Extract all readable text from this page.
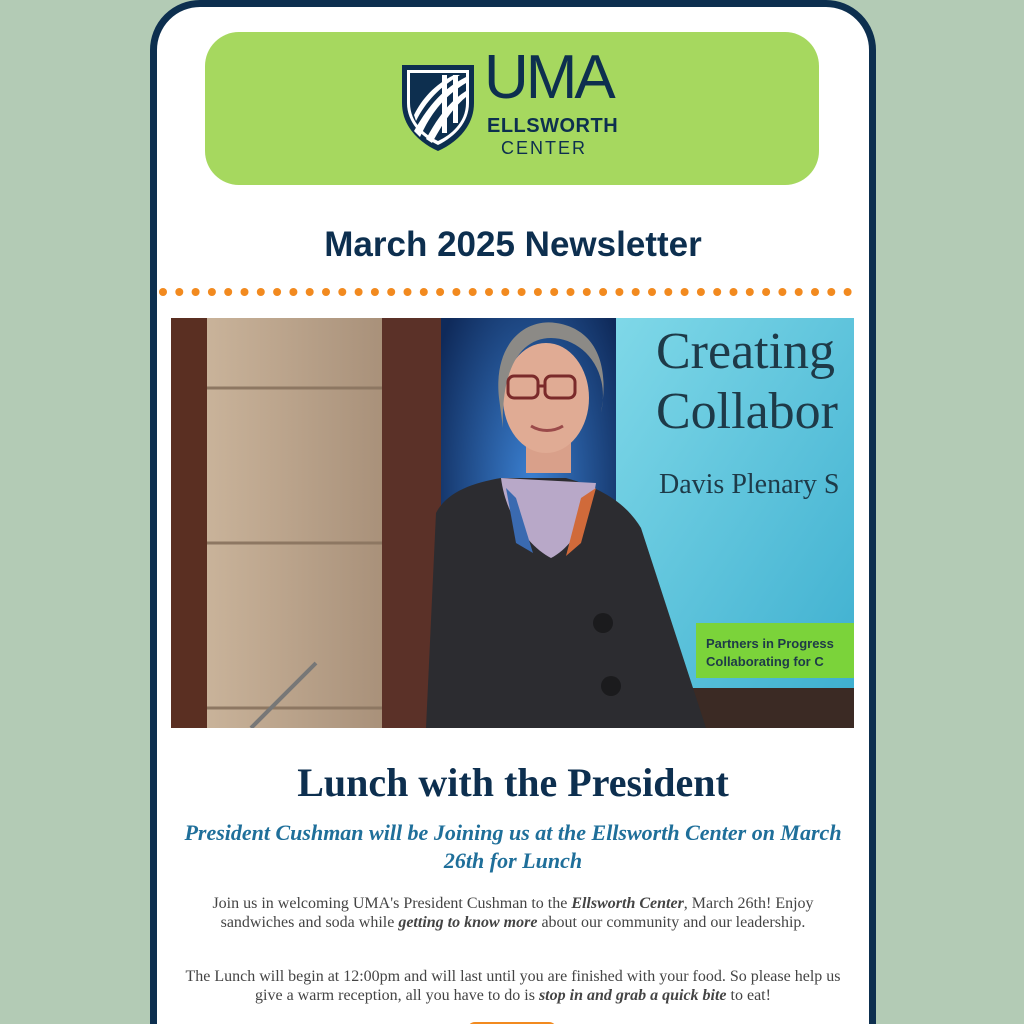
UMA
ELLSWORTH
CENTER
March 2025 Newsletter
Creating
Collabor
Davis Plenary S
Partners in Progress
Collaborating for C
Lunch with the President

President Cushman will be Joining us at the Ellsworth Center on March 26th for Lunch

Join us in welcoming UMA's President Cushman to the Ellsworth Center, March 26th! Enjoy sandwiches and soda while getting to know more about our community and our leadership.

The Lunch will begin at 12:00pm and will last until you are finished with your food. So please help us give a warm reception, all you have to do is stop in and grab a quick bite to eat!
